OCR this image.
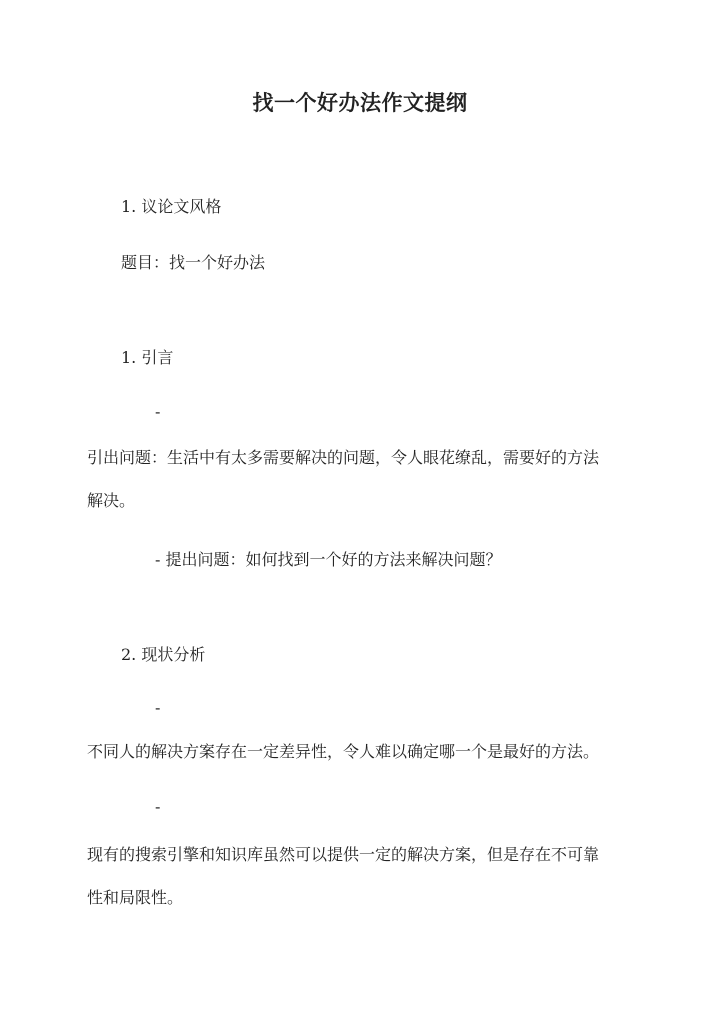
找一个好办法作文提纲
1. 议论文风格
题目：找一个好办法
1. 引言
-
引出问题：生活中有太多需要解决的问题，令人眼花缭乱，需要好的方法
解决。
- 提出问题：如何找到一个好的方法来解决问题？
2. 现状分析
-
不同人的解决方案存在一定差异性，令人难以确定哪一个是最好的方法。
-
现有的搜索引擎和知识库虽然可以提供一定的解决方案，但是存在不可靠
性和局限性。
